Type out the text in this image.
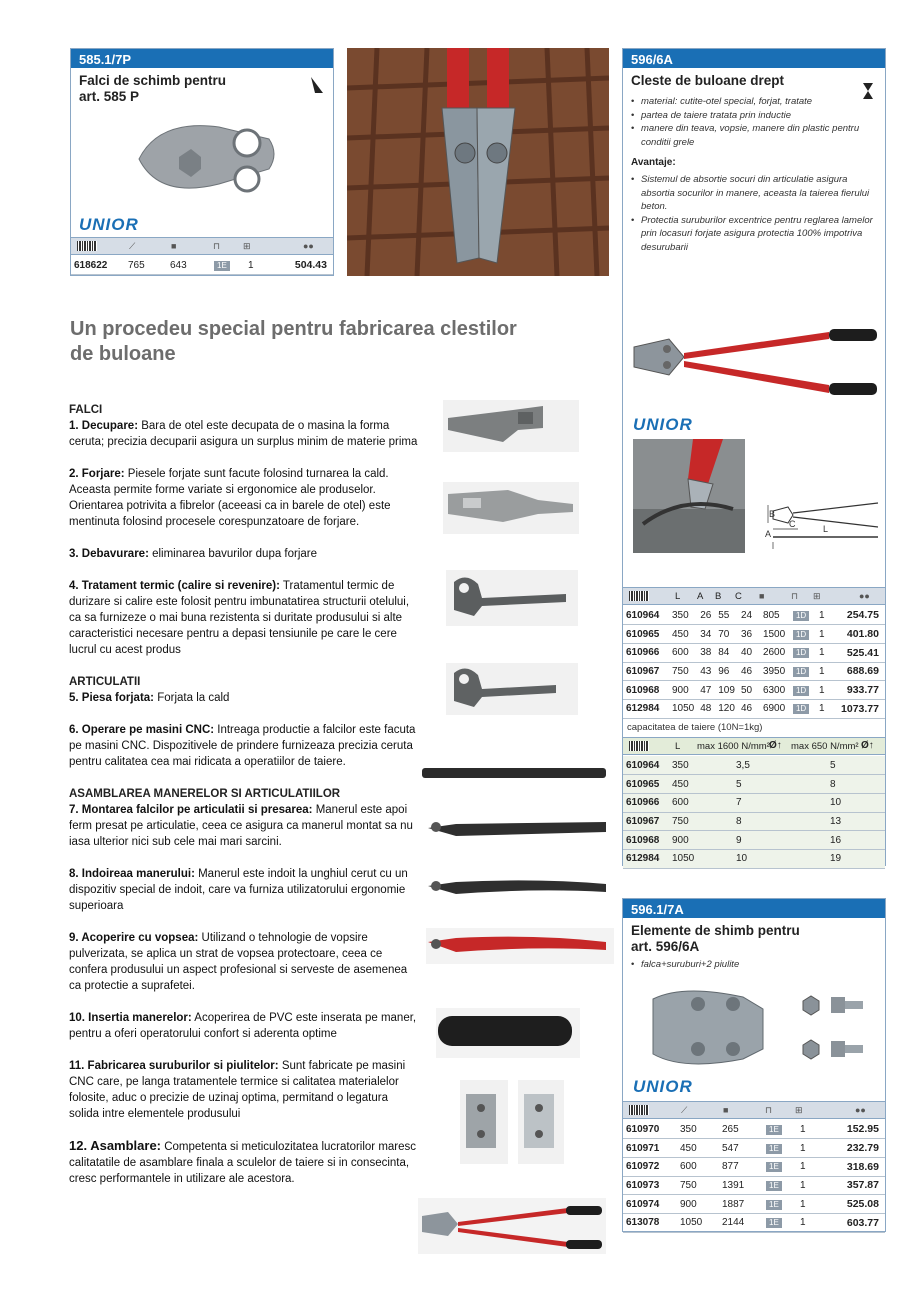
585.1/7P
Falci de schimb pentru
art. 585 P
UNIOR
⟋	■	⊓	⊞	●●
618622	765	643	1E	1	504.43
596/6A
Cleste de buloane drept
• material: cutite-otel special, forjat, tratate
• partea de taiere tratata prin inductie
• manere din teava, vopsie, manere din plastic pentru conditii grele
Avantaje:
• Sistemul de absortie socuri din articulatie asigura absortia socurilor in manere, aceasta la taierea fierului beton.
• Protectia suruburilor excentrice pentru reglarea lamelor prin locasuri forjate asigura protectia 100% impotriva desurubarii
UNIOR
B
C
A	L
L A B C ■	⊓ ⊞	●●
610964	350	26	55	24	805	1D	1	254.75
610965	450	34	70	36	1500	1D	1	401.80
610966	600	38	84	40	2600	1D	1	525.41
610967	750	43	96	46	3950	1D	1	688.69
610968	900	47	109	50	6300	1D	1	933.77
612984	1050	48	120	46	6900	1D	1	1073.77
capacitatea de taiere (10N=1kg)
L max 1600 N/mm² Ø↑ max 650 N/mm² Ø↑
610964	350	3,5	5
610965	450	5	8
610966	600	7	10
610967	750	8	13
610968	900	9	16
612984	1050	10	19
596.1/7A
Elemente de shimb pentru
art. 596/6A
• falca+suruburi+2 piulite
UNIOR
⟋	■	⊓	⊞	●●
610970	350	265	1E	1	152.95
610971	450	547	1E	1	232.79
610972	600	877	1E	1	318.69
610973	750	1391	1E	1	357.87
610974	900	1887	1E	1	525.08
613078	1050	2144	1E	1	603.77
Un procedeu special pentru fabricarea clestilor
de buloane
FALCI

1. Decupare: Bara de otel este decupata de o masina la forma ceruta; precizia decuparii asigura un surplus minim de materie prima

2. Forjare: Piesele forjate sunt facute folosind turnarea la cald. Aceasta permite forme variate si ergonomice ale produselor. Orientarea potrivita a fibrelor (aceeasi ca in barele de otel) este mentinuta folosind procesele corespunzatoare de forjare.

3. Debavurare: eliminarea bavurilor dupa forjare

4. Tratament termic (calire si revenire): Tratamentul termic de durizare si calire este folosit pentru imbunatatirea structurii otelului, ca sa furnizeze o mai buna rezistenta si duritate produsului si alte caracteristici necesare pentru a depasi tensiunile pe care le cere lucrul cu acest produs

ARTICULATII

5. Piesa forjata: Forjata la cald

6. Operare pe masini CNC: Intreaga productie a falcilor este facuta pe masini CNC. Dispozitivele de prindere furnizeaza precizia ceruta pentru calitatea cea mai ridicata a operatiilor de taiere.

ASAMBLAREA MANERELOR SI ARTICULATIILOR

7. Montarea falcilor pe articulatii si presarea: Manerul este apoi ferm presat pe articulatie, ceea ce asigura ca manerul montat sa nu iasa ulterior nici sub cele mai mari sarcini.

8. Indoireaa manerului: Manerul este indoit la unghiul cerut cu un dispozitiv special de indoit, care va furniza utilizatorului ergonomie superioara

9. Acoperire cu vopsea: Utilizand o tehnologie de vopsire pulverizata, se aplica un strat de vopsea protectoare, ceea ce confera produsului un aspect profesional si serveste de asemenea ca protectie a suprafetei.

10. Insertia manerelor: Acoperirea de PVC este inserata pe maner, pentru a oferi operatorului confort si aderenta optime

11. Fabricarea suruburilor si piulitelor: Sunt fabricate pe masini CNC care, pe langa tratamentele termice si calitatea materialelor folosite, aduc o precizie de uzinaj optima, permitand o legatura solida intre elementele produsului

12. Asamblare: Competenta si meticulozitatea lucratorilor maresc calitatatile de asamblare finala a sculelor de taiere si in consecinta, cresc performantele in utilizare ale acestora.
